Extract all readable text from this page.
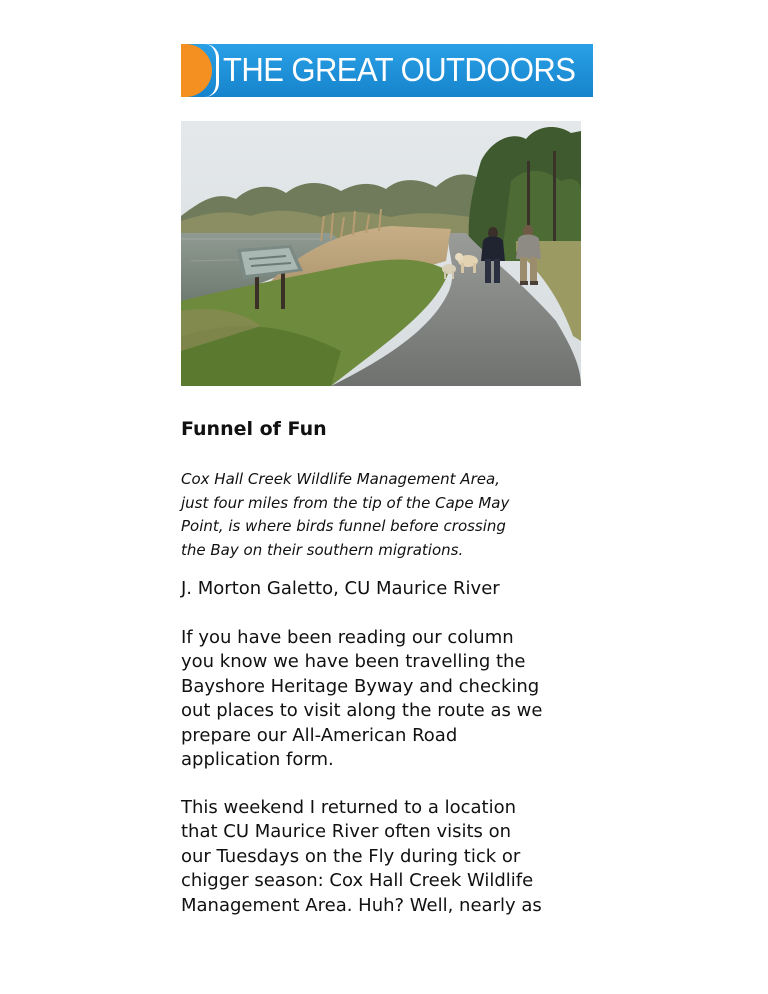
THE GREAT OUTDOORS
Funnel of Fun
Cox Hall Creek Wildlife Management Area,
just four miles from the tip of the Cape May
Point, is where birds funnel before crossing
the Bay on their southern migrations.
J. Morton Galetto, CU Maurice River
If you have been reading our column
you know we have been travelling the
Bayshore Heritage Byway and checking
out places to visit along the route as we
prepare our All-American Road
application form.
This weekend I returned to a location
that CU Maurice River often visits on
our Tuesdays on the Fly during tick or
chigger season: Cox Hall Creek Wildlife
Management Area. Huh? Well, nearly as
